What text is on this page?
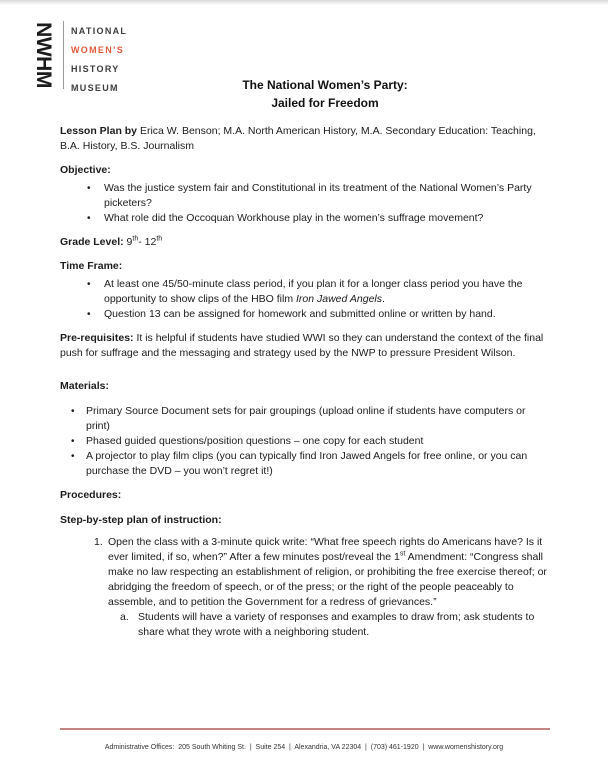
NWHM NATIONAL
WOMEN’S
HISTORY
MUSEUM	The National Women’s Party:
Jailed for Freedom

Lesson Plan by Erica W. Benson; M.A. North American History, M.A. Secondary Education: Teaching, B.A. History, B.S. Journalism

Objective:

• Was the justice system fair and Constitutional in its treatment of the National Women’s Party picketers?
• What role did the Occoquan Workhouse play in the women’s suffrage movement?

Grade Level: 9th- 12th

Time Frame:

• At least one 45/50-minute class period, if you plan it for a longer class period you have the opportunity to show clips of the HBO film Iron Jawed Angels.
• Question 13 can be assigned for homework and submitted online or written by hand.

Pre-requisites: It is helpful if students have studied WWI so they can understand the context of the final push for suffrage and the messaging and strategy used by the NWP to pressure President Wilson.

Materials:

• Primary Source Document sets for pair groupings (upload online if students have computers or print)
• Phased guided questions/position questions – one copy for each student
• A projector to play film clips (you can typically find Iron Jawed Angels for free online, or you can purchase the DVD – you won’t regret it!)

Procedures:

Step-by-step plan of instruction:

1. Open the class with a 3-minute quick write: “What free speech rights do Americans have? Is it ever limited, if so, when?” After a few minutes post/reveal the 1st Amendment: “Congress shall make no law respecting an establishment of religion, or prohibiting the free exercise thereof; or abridging the freedom of speech, or of the press; or the right of the people peaceably to assemble, and to petition the Government for a redress of grievances.”
a. Students will have a variety of responses and examples to draw from; ask students to share what they wrote with a neighboring student.

Administrative Offices:  205 South Whiting St.  |  Suite 254  |  Alexandria, VA 22304  |  (703) 461-1920  |  www.womenshistory.org
